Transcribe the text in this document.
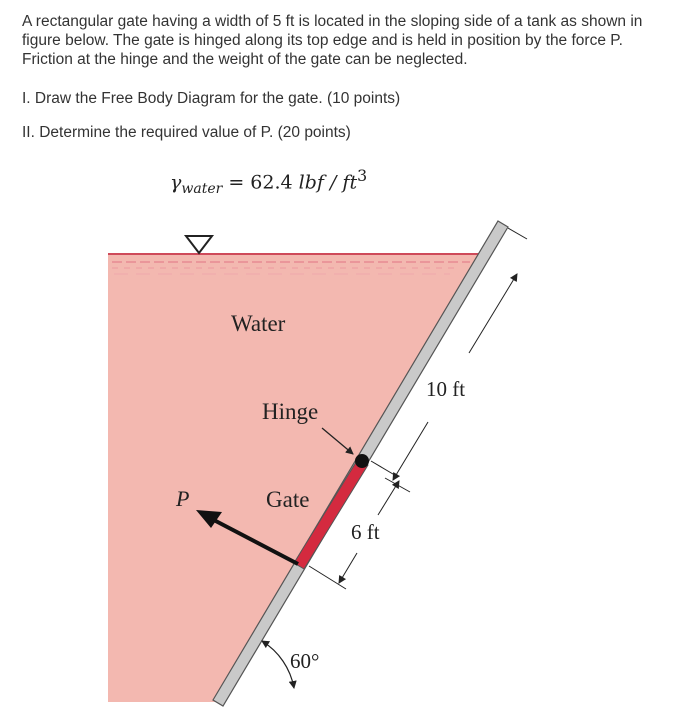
A rectangular gate having a width of 5 ft is located in the sloping side of a tank as shown in figure below. The gate is hinged along its top edge and is held in position by the force P. Friction at the hinge and the weight of the gate can be neglected.

I. Draw the Free Body Diagram for the gate. (10 points)

II. Determine the required value of P. (20 points)

$\gamma_{water} = 62.4$ lbf / $ft^3$
Water
Hinge
Gate
P
10 ft
6 ft
60°
